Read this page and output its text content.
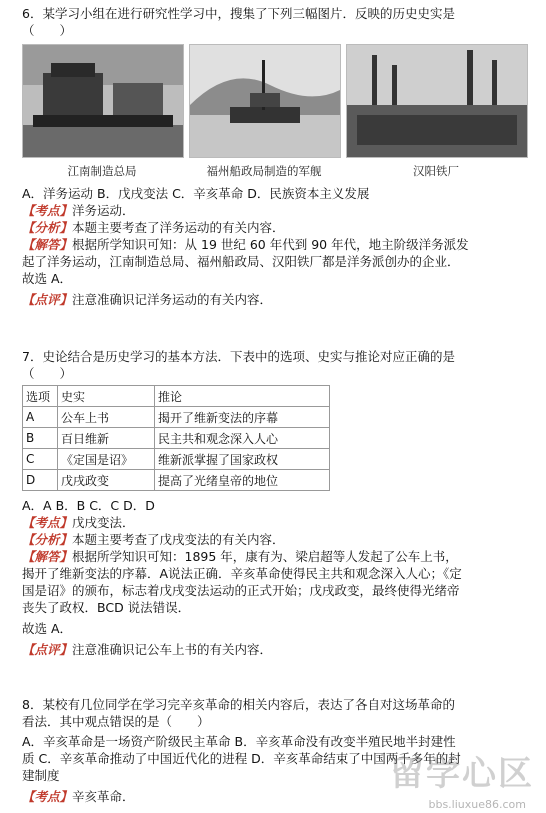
6．某学习小组在进行研究性学习中，搜集了下列三幅图片．反映的历史史实是
（　　）
江南制造总局	福州船政局制造的军舰	汉阳铁厂
A．洋务运动 B．戊戌变法 C．辛亥革命 D．民族资本主义发展
【考点】洋务运动．
【分析】本题主要考查了洋务运动的有关内容．
【解答】根据所学知识可知：从 19 世纪 60 年代到 90 年代，地主阶级洋务派发
起了洋务运动，江南制造总局、福州船政局、汉阳铁厂都是洋务派创办的企业．
故选 A．
【点评】注意准确识记洋务运动的有关内容．
7．史论结合是历史学习的基本方法．下表中的选项、史实与推论对应正确的是
（　　）
选项	史实	推论
A	公车上书	揭开了维新变法的序幕
B	百日维新	民主共和观念深入人心
C	《定国是诏》	维新派掌握了国家政权
D	戊戌政变	提高了光绪皇帝的地位
A．A B．B C．C D．D
【考点】戊戌变法．
【分析】本题主要考查了戊戌变法的有关内容．
【解答】根据所学知识可知：1895 年，康有为、梁启超等人发起了公车上书，
揭开了维新变法的序幕．A说法正确．辛亥革命使得民主共和观念深入人心；《定
国是诏》的颁布，标志着戊戌变法运动的正式开始；戊戌政变，最终使得光绪帝
丧失了政权．BCD 说法错误．
故选 A．
【点评】注意准确识记公车上书的有关内容．
8．某校有几位同学在学习完辛亥革命的相关内容后，表达了各自对这场革命的
看法．其中观点错误的是（　　）
A．辛亥革命是一场资产阶级民主革命 B．辛亥革命没有改变半殖民地半封建性
质 C．辛亥革命推动了中国近代化的进程 D．辛亥革命结束了中国两千多年的封
建制度
【考点】辛亥革命．
留学心区
bbs.liuxue86.com
